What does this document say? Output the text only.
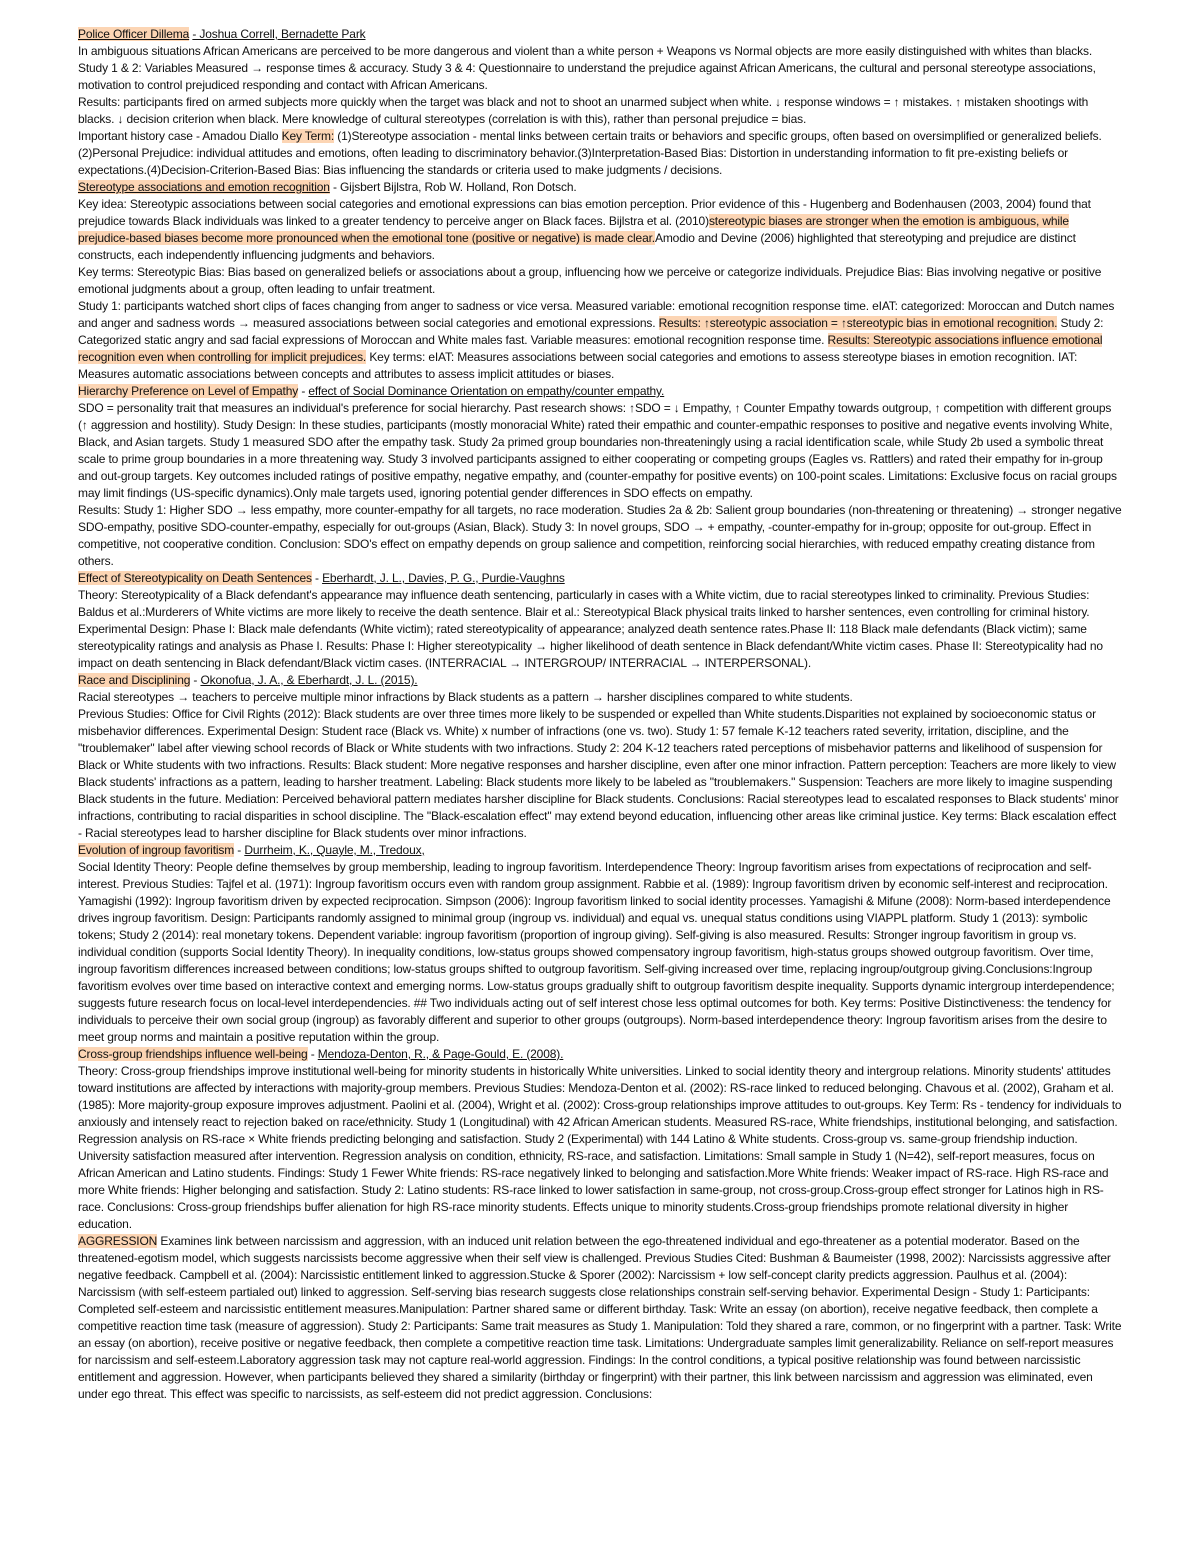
Police Officer Dillema - Joshua Correll, Bernadette Park

In ambiguous situations African Americans are perceived to be more dangerous and violent than a white person + Weapons vs Normal objects are more easily distinguished with whites than blacks. Study 1 & 2: Variables Measured → response times & accuracy. Study 3 & 4: Questionnaire to understand the prejudice against African Americans, the cultural and personal stereotype associations, motivation to control prejudiced responding and contact with African Americans.

Results: participants fired on armed subjects more quickly when the target was black and not to shoot an unarmed subject when white. ↓ response windows = ↑ mistakes. ↑ mistaken shootings with blacks. ↓ decision criterion when black. Mere knowledge of cultural stereotypes (correlation is with this), rather than personal prejudice = bias.

Important history case - Amadou Diallo Key Term: (1)Stereotype association - mental links between certain traits or behaviors and specific groups, often based on oversimplified or generalized beliefs.(2)Personal Prejudice: individual attitudes and emotions, often leading to discriminatory behavior.(3)Interpretation-Based Bias: Distortion in understanding information to fit pre-existing beliefs or expectations.(4)Decision-Criterion-Based Bias: Bias influencing the standards or criteria used to make judgments / decisions.

Stereotype associations and emotion recognition - Gijsbert Bijlstra, Rob W. Holland, Ron Dotsch.

Key idea: Stereotypic associations between social categories and emotional expressions can bias emotion perception. Prior evidence of this - Hugenberg and Bodenhausen (2003, 2004) found that prejudice towards Black individuals was linked to a greater tendency to perceive anger on Black faces. Bijlstra et al. (2010)stereotypic biases are stronger when the emotion is ambiguous, while prejudice-based biases become more pronounced when the emotional tone (positive or negative) is made clear.Amodio and Devine (2006) highlighted that stereotyping and prejudice are distinct constructs, each independently influencing judgments and behaviors.

Key terms: Stereotypic Bias: Bias based on generalized beliefs or associations about a group, influencing how we perceive or categorize individuals. Prejudice Bias: Bias involving negative or positive emotional judgments about a group, often leading to unfair treatment.

Study 1: participants watched short clips of faces changing from anger to sadness or vice versa. Measured variable: emotional recognition response time. eIAT: categorized: Moroccan and Dutch names and anger and sadness words → measured associations between social categories and emotional expressions. Results: ↑stereotypic association = ↑stereotypic bias in emotional recognition. Study 2: Categorized static angry and sad facial expressions of Moroccan and White males fast. Variable measures: emotional recognition response time. Results: Stereotypic associations influence emotional recognition even when controlling for implicit prejudices. Key terms: eIAT: Measures associations between social categories and emotions to assess stereotype biases in emotion recognition. IAT: Measures automatic associations between concepts and attributes to assess implicit attitudes or biases.

Hierarchy Preference on Level of Empathy - effect of Social Dominance Orientation on empathy/counter empathy.

SDO = personality trait that measures an individual's preference for social hierarchy. Past research shows: ↑SDO = ↓ Empathy, ↑ Counter Empathy towards outgroup, ↑ competition with different groups (↑ aggression and hostility). Study Design: In these studies, participants (mostly monoracial White) rated their empathic and counter-empathic responses to positive and negative events involving White, Black, and Asian targets. Study 1 measured SDO after the empathy task. Study 2a primed group boundaries non-threateningly using a racial identification scale, while Study 2b used a symbolic threat scale to prime group boundaries in a more threatening way. Study 3 involved participants assigned to either cooperating or competing groups (Eagles vs. Rattlers) and rated their empathy for in-group and out-group targets. Key outcomes included ratings of positive empathy, negative empathy, and (counter-empathy for positive events) on 100-point scales. Limitations: Exclusive focus on racial groups may limit findings (US-specific dynamics).Only male targets used, ignoring potential gender differences in SDO effects on empathy.

Results: Study 1: Higher SDO → less empathy, more counter-empathy for all targets, no race moderation. Studies 2a & 2b: Salient group boundaries (non-threatening or threatening) → stronger negative SDO-empathy, positive SDO-counter-empathy, especially for out-groups (Asian, Black). Study 3: In novel groups, SDO → + empathy, -counter-empathy for in-group; opposite for out-group. Effect in competitive, not cooperative condition. Conclusion: SDO's effect on empathy depends on group salience and competition, reinforcing social hierarchies, with reduced empathy creating distance from others.

Effect of Stereotypicality on Death Sentences - Eberhardt, J. L., Davies, P. G., Purdie-Vaughns

Theory: Stereotypicality of a Black defendant's appearance may influence death sentencing, particularly in cases with a White victim, due to racial stereotypes linked to criminality. Previous Studies: Baldus et al.:Murderers of White victims are more likely to receive the death sentence. Blair et al.: Stereotypical Black physical traits linked to harsher sentences, even controlling for criminal history. Experimental Design: Phase I: Black male defendants (White victim); rated stereotypicality of appearance; analyzed death sentence rates.Phase II: 118 Black male defendants (Black victim); same stereotypicality ratings and analysis as Phase I. Results: Phase I: Higher stereotypicality → higher likelihood of death sentence in Black defendant/White victim cases. Phase II: Stereotypicality had no impact on death sentencing in Black defendant/Black victim cases. (INTERRACIAL → INTERGROUP/ INTERRACIAL → INTERPERSONAL).

Race and Disciplining - Okonofua, J. A., & Eberhardt, J. L. (2015).

Racial stereotypes → teachers to perceive multiple minor infractions by Black students as a pattern → harsher disciplines compared to white students.

Previous Studies: Office for Civil Rights (2012): Black students are over three times more likely to be suspended or expelled than White students.Disparities not explained by socioeconomic status or misbehavior differences. Experimental Design: Student race (Black vs. White) x number of infractions (one vs. two). Study 1: 57 female K-12 teachers rated severity, irritation, discipline, and the "troublemaker" label after viewing school records of Black or White students with two infractions. Study 2: 204 K-12 teachers rated perceptions of misbehavior patterns and likelihood of suspension for Black or White students with two infractions. Results: Black student: More negative responses and harsher discipline, even after one minor infraction. Pattern perception: Teachers are more likely to view Black students' infractions as a pattern, leading to harsher treatment. Labeling: Black students more likely to be labeled as "troublemakers." Suspension: Teachers are more likely to imagine suspending Black students in the future. Mediation: Perceived behavioral pattern mediates harsher discipline for Black students. Conclusions: Racial stereotypes lead to escalated responses to Black students' minor infractions, contributing to racial disparities in school discipline. The "Black-escalation effect" may extend beyond education, influencing other areas like criminal justice. Key terms: Black escalation effect - Racial stereotypes lead to harsher discipline for Black students over minor infractions.

Evolution of ingroup favoritism - Durrheim, K., Quayle, M., Tredoux,

Social Identity Theory: People define themselves by group membership, leading to ingroup favoritism. Interdependence Theory: Ingroup favoritism arises from expectations of reciprocation and self-interest. Previous Studies: Tajfel et al. (1971): Ingroup favoritism occurs even with random group assignment. Rabbie et al. (1989): Ingroup favoritism driven by economic self-interest and reciprocation. Yamagishi (1992): Ingroup favoritism driven by expected reciprocation. Simpson (2006): Ingroup favoritism linked to social identity processes. Yamagishi & Mifune (2008): Norm-based interdependence drives ingroup favoritism. Design: Participants randomly assigned to minimal group (ingroup vs. individual) and equal vs. unequal status conditions using VIAPPL platform. Study 1 (2013): symbolic tokens; Study 2 (2014): real monetary tokens. Dependent variable: ingroup favoritism (proportion of ingroup giving). Self-giving is also measured. Results: Stronger ingroup favoritism in group vs. individual condition (supports Social Identity Theory). In inequality conditions, low-status groups showed compensatory ingroup favoritism, high-status groups showed outgroup favoritism. Over time, ingroup favoritism differences increased between conditions; low-status groups shifted to outgroup favoritism. Self-giving increased over time, replacing ingroup/outgroup giving.Conclusions:Ingroup favoritism evolves over time based on interactive context and emerging norms. Low-status groups gradually shift to outgroup favoritism despite inequality. Supports dynamic intergroup interdependence; suggests future research focus on local-level interdependencies. ## Two individuals acting out of self interest chose less optimal outcomes for both. Key terms: Positive Distinctiveness: the tendency for individuals to perceive their own social group (ingroup) as favorably different and superior to other groups (outgroups). Norm-based interdependence theory: Ingroup favoritism arises from the desire to meet group norms and maintain a positive reputation within the group.

Cross-group friendships influence well-being - Mendoza-Denton, R., & Page-Gould, E. (2008).

Theory: Cross-group friendships improve institutional well-being for minority students in historically White universities. Linked to social identity theory and intergroup relations. Minority students' attitudes toward institutions are affected by interactions with majority-group members. Previous Studies: Mendoza-Denton et al. (2002): RS-race linked to reduced belonging. Chavous et al. (2002), Graham et al. (1985): More majority-group exposure improves adjustment. Paolini et al. (2004), Wright et al. (2002): Cross-group relationships improve attitudes to out-groups. Key Term: Rs - tendency for individuals to anxiously and intensely react to rejection baked on race/ethnicity. Study 1 (Longitudinal) with 42 African American students. Measured RS-race, White friendships, institutional belonging, and satisfaction. Regression analysis on RS-race × White friends predicting belonging and satisfaction. Study 2 (Experimental) with 144 Latino & White students. Cross-group vs. same-group friendship induction. University satisfaction measured after intervention. Regression analysis on condition, ethnicity, RS-race, and satisfaction. Limitations: Small sample in Study 1 (N=42), self-report measures, focus on African American and Latino students. Findings: Study 1 Fewer White friends: RS-race negatively linked to belonging and satisfaction.More White friends: Weaker impact of RS-race. High RS-race and more White friends: Higher belonging and satisfaction. Study 2: Latino students: RS-race linked to lower satisfaction in same-group, not cross-group.Cross-group effect stronger for Latinos high in RS-race. Conclusions: Cross-group friendships buffer alienation for high RS-race minority students. Effects unique to minority students.Cross-group friendships promote relational diversity in higher education.

AGGRESSION Examines link between narcissism and aggression, with an induced unit relation between the ego-threatened individual and ego-threatener as a potential moderator. Based on the threatened-egotism model, which suggests narcissists become aggressive when their self view is challenged. Previous Studies Cited: Bushman & Baumeister (1998, 2002): Narcissists aggressive after negative feedback. Campbell et al. (2004): Narcissistic entitlement linked to aggression.Stucke & Sporer (2002): Narcissism + low self-concept clarity predicts aggression. Paulhus et al. (2004): Narcissism (with self-esteem partialed out) linked to aggression. Self-serving bias research suggests close relationships constrain self-serving behavior. Experimental Design - Study 1: Participants: Completed self-esteem and narcissistic entitlement measures.Manipulation: Partner shared same or different birthday. Task: Write an essay (on abortion), receive negative feedback, then complete a competitive reaction time task (measure of aggression). Study 2: Participants: Same trait measures as Study 1. Manipulation: Told they shared a rare, common, or no fingerprint with a partner. Task: Write an essay (on abortion), receive positive or negative feedback, then complete a competitive reaction time task. Limitations: Undergraduate samples limit generalizability. Reliance on self-report measures for narcissism and self-esteem.Laboratory aggression task may not capture real-world aggression. Findings: In the control conditions, a typical positive relationship was found between narcissistic entitlement and aggression. However, when participants believed they shared a similarity (birthday or fingerprint) with their partner, this link between narcissism and aggression was eliminated, even under ego threat. This effect was specific to narcissists, as self-esteem did not predict aggression. Conclusions:
